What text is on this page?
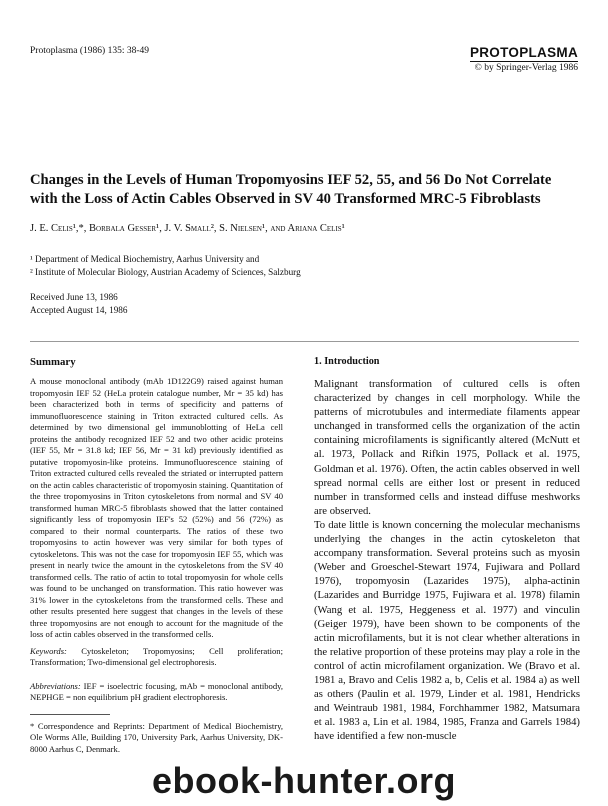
Protoplasma (1986) 135: 38-49	PROTOPLASMA
© by Springer-Verlag 1986
Changes in the Levels of Human Tropomyosins IEF 52, 55, and 56 Do Not Correlate with the Loss of Actin Cables Observed in SV 40 Transformed MRC-5 Fibroblasts
J. E. Celis¹,*, Borbala Gesser¹, J. V. Small², S. Nielsen¹, and Ariana Celis¹
¹ Department of Medical Biochemistry, Aarhus University and
² Institute of Molecular Biology, Austrian Academy of Sciences, Salzburg
Received June 13, 1986
Accepted August 14, 1986
Summary
A mouse monoclonal antibody (mAb 1D122G9) raised against human tropomyosin IEF 52 (HeLa protein catalogue number, Mr = 35 kd) has been characterized both in terms of specificity and patterns of immunofluorescence staining in Triton extracted cultured cells. As determined by two dimensional gel immunoblotting of HeLa cell proteins the antibody recognized IEF 52 and two other acidic proteins (IEF 55, Mr = 31.8 kd; IEF 56, Mr = 31 kd) previously identified as putative tropomyosin-like proteins. Immunofluorescence staining of Triton extracted cultured cells revealed the striated or interrupted pattern on the actin cables characteristic of tropomyosin staining. Quantitation of the three tropomyosins in Triton cytoskeletons from normal and SV 40 transformed human MRC-5 fibroblasts showed that the latter contained significantly less of tropomyosin IEF's 52 (52%) and 56 (72%) as compared to their normal counterparts. The ratios of these two tropomyosins to actin however was very similar for both types of cytoskeletons. This was not the case for tropomyosin IEF 55, which was present in nearly twice the amount in the cytoskeletons from the SV 40 transformed cells. The ratio of actin to total tropomyosin for whole cells was found to be unchanged on transformation. This ratio however was 31% lower in the cytoskeletons from the transformed cells. These and other results presented here suggest that changes in the levels of these three tropomyosins are not enough to account for the magnitude of the loss of actin cables observed in the transformed cells.
Keywords: Cytoskeleton; Tropomyosins; Cell proliferation; Transformation; Two-dimensional gel electrophoresis.
Abbreviations: IEF = isoelectric focusing, mAb = monoclonal antibody, NEPHGE = non equilibrium pH gradient electrophoresis.
* Correspondence and Reprints: Department of Medical Biochemistry, Ole Worms Alle, Building 170, University Park, Aarhus University, DK-8000 Aarhus C, Denmark.
1. Introduction

Malignant transformation of cultured cells is often characterized by changes in cell morphology. While the patterns of microtubules and intermediate filaments appear unchanged in transformed cells the organization of the actin containing microfilaments is significantly altered (McNutt et al. 1973, Pollack and Rifkin 1975, Pollack et al. 1975, Goldman et al. 1976). Often, the actin cables observed in well spread normal cells are either lost or present in reduced number in transformed cells and instead diffuse meshworks are observed.

To date little is known concerning the molecular mechanisms underlying the changes in the actin cytoskeleton that accompany transformation. Several proteins such as myosin (Weber and Groeschel-Stewart 1974, Fujiwara and Pollard 1976), tropomyosin (Lazarides 1975), alpha-actinin (Lazarides and Burridge 1975, Fujiwara et al. 1978) filamin (Wang et al. 1975, Heggeness et al. 1977) and vinculin (Geiger 1979), have been shown to be components of the actin microfilaments, but it is not clear whether alterations in the relative proportion of these proteins may play a role in the control of actin microfilament organization. We (Bravo et al. 1981 a, Bravo and Celis 1982 a, b, Celis et al. 1984 a) as well as others (Paulin et al. 1979, Linder et al. 1981, Hendricks and Weintraub 1981, 1984, Forchhammer 1982, Matsumara et al. 1983 a, Lin et al. 1984, 1985, Franza and Garrels 1984) have identified a few non-muscle

ebook-hunter.org
